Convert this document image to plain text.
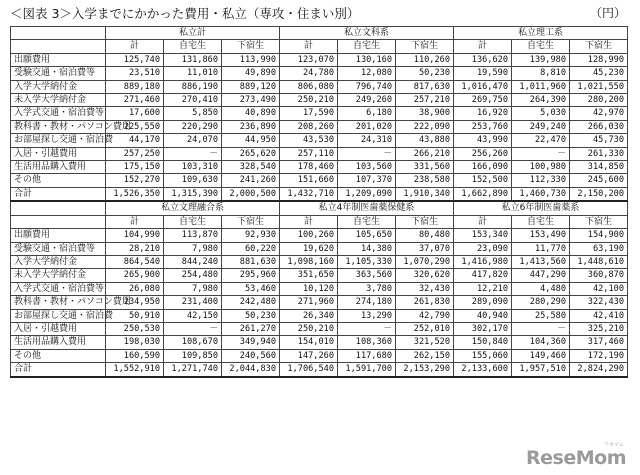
＜図表 3＞入学までにかかった費用・私立（専攻・住まい別）	（円）
	私立計			私立文科系			私立理工系		
	計	自宅生	下宿生	計	自宅生	下宿生	計	自宅生	下宿生
出願費用	125,740	131,860	113,990	123,070	130,160	110,260	136,620	139,980	128,990
受験交通・宿泊費等	23,510	11,010	49,890	24,780	12,080	50,230	19,590	8,810	45,230
入学大学納付金	889,180	886,190	889,120	806,080	796,740	817,630	1,016,470	1,011,960	1,021,550
未入学大学納付金	271,460	270,410	273,490	250,210	249,260	257,210	269,750	264,390	280,200
入学式交通・宿泊費等	17,600	5,850	40,890	17,590	6,180	38,900	16,920	5,030	42,970
教科書・教材・パソコン費用	225,550	220,290	236,890	208,260	201,020	222,090	253,760	249,240	266,030
お部屋探し交通・宿泊費	44,170	24,070	44,950	43,530	24,310	43,880	43,990	22,470	45,730
入居・引越費用	257,250	－	265,620	257,110	－	266,210	256,260	－	261,330
生活用品購入費用	175,150	103,310	328,540	178,460	103,560	331,560	166,090	100,980	314,850
その他	152,270	109,630	241,260	151,660	107,370	238,580	152,500	112,330	245,600
合計	1,526,350	1,315,390	2,000,500	1,432,710	1,209,090	1,910,340	1,662,890	1,460,730	2,150,200
	私立文理融合系			私立4年制医歯薬保健系			私立6年制医歯薬系		
	計	自宅生	下宿生	計	自宅生	下宿生	計	自宅生	下宿生
出願費用	104,990	113,870	92,930	100,260	105,650	80,480	153,340	153,490	154,900
受験交通・宿泊費等	28,210	7,980	60,220	19,620	14,380	37,070	23,090	11,770	63,190
入学大学納付金	864,540	844,240	881,630	1,098,160	1,105,330	1,070,290	1,416,980	1,413,560	1,448,610
未入学大学納付金	265,900	254,480	295,960	351,650	363,560	320,620	417,820	447,290	360,870
入学式交通・宿泊費等	26,080	7,980	53,460	10,120	3,780	32,430	12,210	4,480	42,100
教科書・教材・パソコン費用	234,950	231,400	242,480	271,960	274,180	261,830	289,090	280,290	322,430
お部屋探し交通・宿泊費	50,910	42,150	50,230	26,340	13,290	42,790	40,940	25,580	42,410
入居・引越費用	250,530	－	261,270	250,210	－	252,010	302,170	－	325,210
生活用品購入費用	198,030	108,670	349,940	154,010	108,360	321,520	150,840	104,360	317,460
その他	160,590	109,850	240,560	147,260	117,680	262,150	155,060	149,460	172,190
合計	1,552,910	1,271,740	2,044,830	1,706,540	1,591,700	2,153,290	2,133,600	1,957,510	2,824,290
リセマム
ReseMom
